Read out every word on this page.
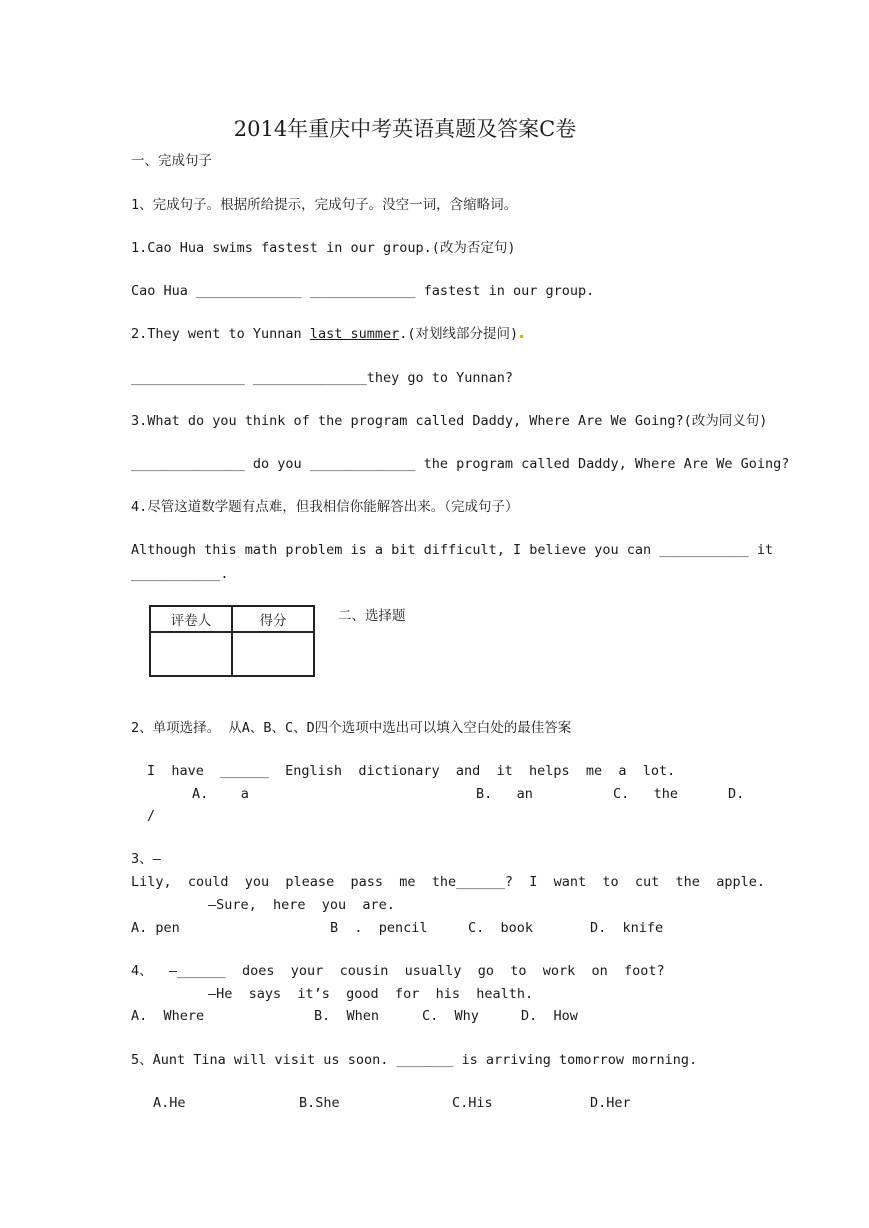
2014年重庆中考英语真题及答案C卷
一、完成句子
1、完成句子。根据所给提示，完成句子。没空一词，含缩略词。
1.Cao Hua swims fastest in our group.(改为否定句)
Cao Hua _____________ _____________ fastest in our group.
2.They went to Yunnan last summer.(对划线部分提问)
______________ ______________they go to Yunnan?
3.What do you think of the program called Daddy, Where Are We Going?(改为同义句)
______________ do you _____________ the program called Daddy, Where Are We Going?
4.尽管这道数学题有点难，但我相信你能解答出来。（完成句子）
Although this math problem is a bit difficult, I believe you can ___________ it
___________.
评卷人	得分
		二、选择题
2、单项选择。 从A、B、C、D四个选项中选出可以填入空白处的最佳答案
I  have  ______  English  dictionary  and  it  helps  me  a  lot.
A.    a	B.   an	C.   the	D.
/
3、—
Lily,  could  you  please  pass  me  the______?  I  want  to  cut  the  apple.
—Sure,  here  you  are.
A. pen	B  .  pencil	C.  book	D.  knife
4、  —______  does  your  cousin  usually  go  to  work  on  foot?
—He  says  it’s  good  for  his  health.
A.  Where	B.  When	C.  Why	D.  How
5、Aunt Tina will visit us soon. _______ is arriving tomorrow morning.
A.He	B.She	C.His	D.Her
